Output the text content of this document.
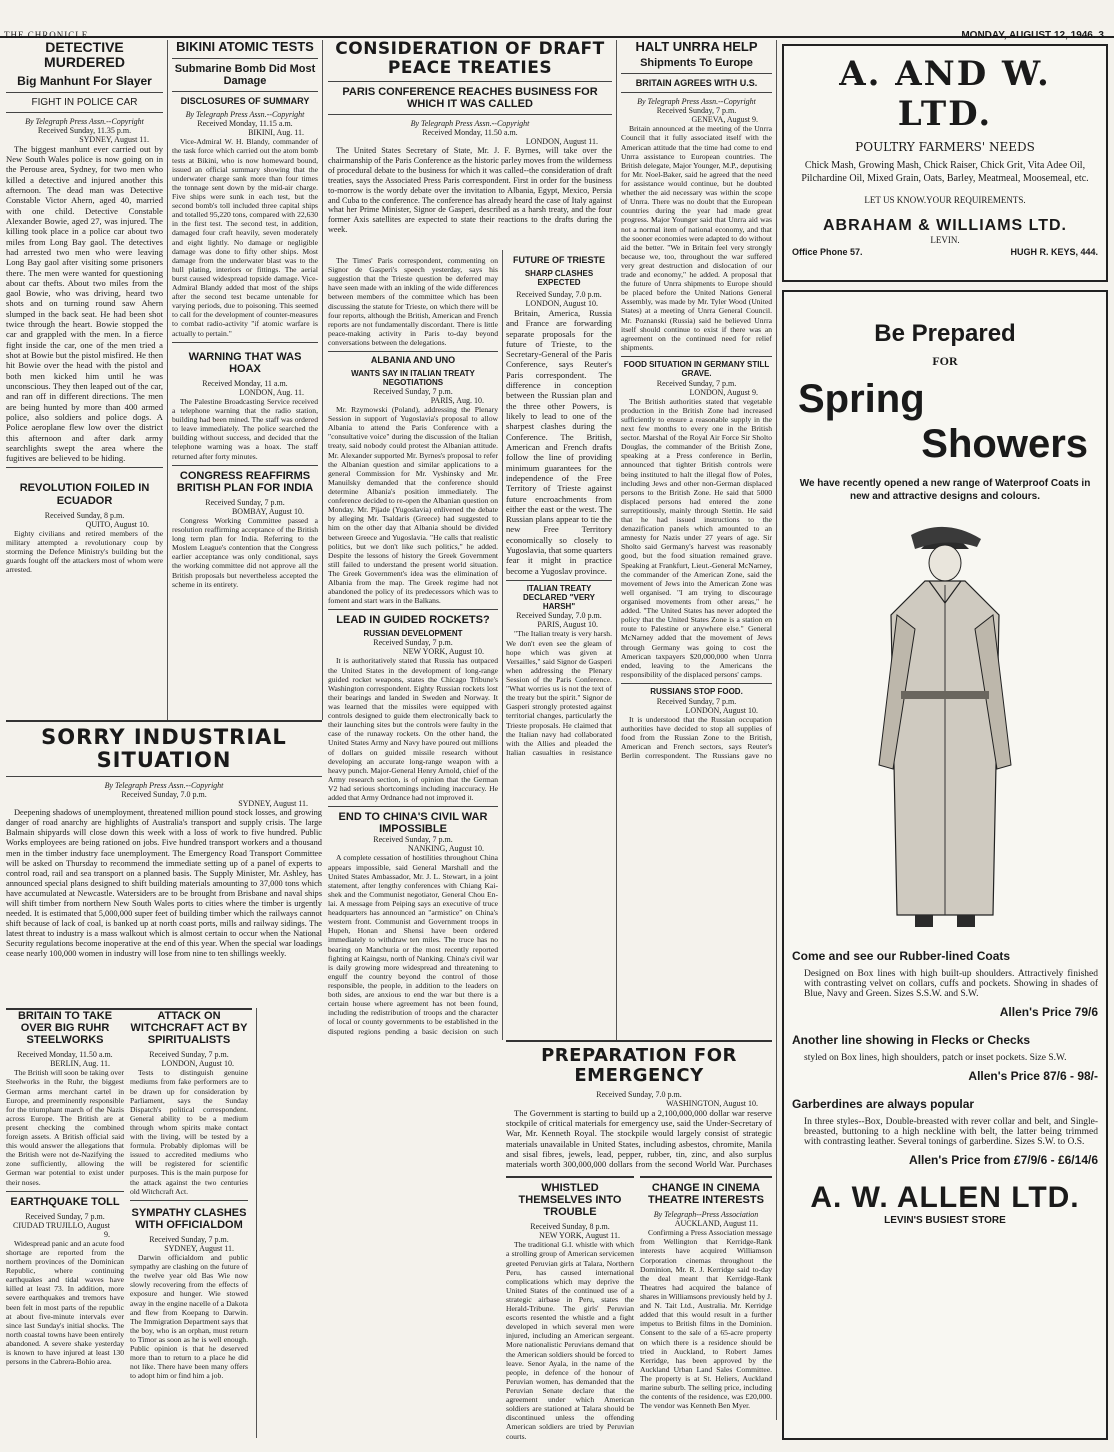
THE CHRONICLE	MONDAY, AUGUST 12, 1946. 3
DETECTIVE MURDERED
Big Manhunt For Slayer
FIGHT IN POLICE CAR
By Telegraph Press Assn.--Copyright
Received Sunday, 11.35 p.m.
SYDNEY, August 11.
The biggest manhunt ever carried out by New South Wales police is now going on in the Perouse area, Sydney, for two men who killed a detective and injured another this afternoon. The dead man was Detective Constable Victor Ahern, aged 40, married with one child. Detective Constable Alexander Bowie, aged 27, was injured. The killing took place in a police car about two miles from Long Bay gaol. The detectives had arrested two men who were leaving Long Bay gaol after visiting some prisoners there. The men were wanted for questioning about car thefts. About two miles from the gaol Bowie, who was driving, heard two shots and on turning round saw Ahern slumped in the back seat. He had been shot twice through the heart. Bowie stopped the car and grappled with the men. In a fierce fight inside the car, one of the men tried a shot at Bowie but the pistol misfired. He then hit Bowie over the head with the pistol and both men kicked him until he was unconscious. They then leaped out of the car, and ran off in different directions. The men are being hunted by more than 400 armed police, also soldiers and police dogs. A Police aeroplane flew low over the district this afternoon and after dark army searchlights swept the area where the fugitives are believed to be hiding.
REVOLUTION FOILED IN ECUADOR
Received Sunday, 8 p.m.
QUITO, August 10.
Eighty civilians and retired members of the military attempted a revolutionary coup by storming the Defence Ministry's building but the guards fought off the attackers most of whom were arrested.
BIKINI ATOMIC TESTS
Submarine Bomb Did Most Damage
DISCLOSURES OF SUMMARY
By Telegraph Press Assn.--Copyright
Received Monday, 11.15 a.m.
BIKINI, Aug. 11.
Vice-Admiral W. H. Blandy, commander of the task force which carried out the atom bomb tests at Bikini, who is now homeward bound, issued an official summary showing that the underwater charge sank more than four times the tonnage sent down by the mid-air charge. Five ships were sunk in each test, but the second bomb's toll included three capital ships and totalled 95,220 tons, compared with 22,630 in the first test. The second test, in addition, damaged four craft heavily, seven moderately and eight lightly. No damage or negligible damage was done to fifty other ships. Most damage from the underwater blast was to the hull plating, interiors or fittings. The aerial burst caused widespread topside damage. Vice-Admiral Blandy added that most of the ships after the second test became untenable for varying periods, due to poisoning. This seemed to call for the development of counter-measures to combat radio-activity "if atomic warfare is actually to pertain."
WARNING THAT WAS HOAX
Received Monday, 11 a.m.
LONDON, Aug. 11.
The Palestine Broadcasting Service received a telephone warning that the radio station, building had been mined. The staff was ordered to leave immediately. The police searched the building without success, and decided that the telephone warning was a hoax. The staff returned after forty minutes.
CONGRESS REAFFIRMS BRITISH PLAN FOR INDIA
Received Sunday, 7 p.m.
BOMBAY, August 10.
Congress Working Committee passed a resolution reaffirming acceptance of the British long term plan for India. Referring to the Moslem League's contention that the Congress earlier acceptance was only conditional, says the working committee did not approve all the British proposals but nevertheless accepted the scheme in its entirety.
CONSIDERATION OF DRAFT PEACE TREATIES
PARIS CONFERENCE REACHES BUSINESS FOR WHICH IT WAS CALLED
By Telegraph Press Assn.--Copyright
Received Monday, 11.50 a.m.
LONDON, August 11.
The United States Secretary of State, Mr. J. F. Byrnes, will take over the chairmanship of the Paris Conference as the historic parley moves from the wilderness of procedural debate to the business for which it was called--the consideration of draft treaties, says the Associated Press Paris correspondent. First in order for the business to-morrow is the wordy debate over the invitation to Albania, Egypt, Mexico, Persia and Cuba to the conference. The conference has already heard the case of Italy against what her Prime Minister, Signor de Gasperi, described as a harsh treaty, and the four former Axis satellites are expected to state their reactions to the drafts during the week.
The Times' Paris correspondent, commenting on Signor de Gasperi's speech yesterday, says his suggestion that the Trieste question be deferred may have seen made with an inkling of the wide differences between members of the committee which has been discussing the statute for Trieste, on which there will be four reports, although the British, American and French reports are not fundamentally discordant. There is little peace-making activity in Paris to-day beyond conversations between the delegations.
ALBANIA AND UNO
WANTS SAY IN ITALIAN TREATY NEGOTIATIONS
Received Sunday, 7 p.m.
PARIS, Aug. 10.
Mr. Rzymowski (Poland), addressing the Plenary Session in support of Yugoslavia's proposal to allow Albania to attend the Paris Conference with a "consultative voice" during the discussion of the Italian treaty, said nobody could protest the Albanian attitude. Mr. Alexander supported Mr. Byrnes's proposal to refer the Albanian question and similar applications to a general Commission for Mr. Vyshinsky and Mr. Manuilsky demanded that the conference should determine Albania's position immediately. The conference decided to re-open the Albanian question on Monday. Mr. Pijade (Yugoslavia) enlivened the debate by alleging Mr. Tsaldaris (Greece) had suggested to him on the other day that Albania should be divided between Greece and Yugoslavia. "He calls that realistic politics, but we don't like such politics," he added. Despite the lessons of history the Greek Government still failed to understand the present world situation. The Greek Government's idea was the elimination of Albania from the map. The Greek regime had not abandoned the policy of its predecessors which was to foment and start wars in the Balkans.
LEAD IN GUIDED ROCKETS?
RUSSIAN DEVELOPMENT
Received Sunday, 7 p.m.
NEW YORK, August 10.
It is authoritatively stated that Russia has outpaced the United States in the development of long-range guided rocket weapons, states the Chicago Tribune's Washington correspondent. Eighty Russian rockets lost their bearings and landed in Sweden and Norway. It was learned that the missiles were equipped with controls designed to guide them electronically back to their launching sites but the controls were faulty in the case of the runaway rockets. On the other hand, the United States Army and Navy have poured out millions of dollars on guided missile research without developing an accurate long-range weapon with a heavy punch. Major-General Henry Arnold, chief of the Army research section, is of opinion that the German V2 had serious shortcomings including inaccuracy. He added that Army Ordnance had not improved it.
END TO CHINA'S CIVIL WAR IMPOSSIBLE
Received Sunday, 7 p.m.
NANKING, August 10.
A complete cessation of hostilities throughout China appears impossible, said General Marshall and the United States Ambassador, Mr. J. L. Stewart, in a joint statement, after lengthy conferences with Chiang Kai-shek and the Communist negotiator, General Chou En-lai. A message from Peiping says an executive of truce headquarters has announced an "armistice" on China's western front. Communist and Government troops in Hupeh, Honan and Shensi have been ordered immediately to withdraw ten miles. The truce has no bearing on Manchuria or the most recently reported fighting at Kaingsu, north of Nanking. China's civil war is daily growing more widespread and threatening to engulf the country beyond the control of those responsible, the people, in addition to the leaders on both sides, are anxious to end the war but there is a certain house where agreement has not been found, including the redistribution of troops and the character of local or county governments to be established in the disputed regions pending a basic decision on such
FUTURE OF TRIESTE
SHARP CLASHES EXPECTED
Received Sunday, 7.0 p.m.
LONDON, August 10.
Britain, America, Russia and France are forwarding separate proposals for the future of Trieste, to the Secretary-General of the Paris Conference, says Reuter's Paris correspondent. The difference in conception between the Russian plan and the three other Powers, is likely to lead to one of the sharpest clashes during the Conference. The British, American and French drafts follow the line of providing minimum guarantees for the independence of the Free Territory of Trieste against future encroachments from either the east or the west. The Russian plans appear to tie the new Free Territory economically so closely to Yugoslavia, that some quarters fear it might in practice become a Yugoslav province.
ITALIAN TREATY DECLARED "VERY HARSH"
Received Sunday, 7.0 p.m.
PARIS, August 10.
"The Italian treaty is very harsh. We don't even see the gleam of hope which was given at Versailles," said Signor de Gasperi when addressing the Plenary Session of the Paris Conference. "What worries us is not the text of the treaty but the spirit." Signor de Gasperi strongly protested against territorial changes, particularly the Trieste proposals. He claimed that the Italian navy had collaborated with the Allies and pleaded the Italian casualties in resistance
HALT UNRRA HELP
Shipments To Europe
BRITAIN AGREES WITH U.S.
By Telegraph Press Assn.--Copyright
Received Sunday, 7 p.m.
GENEVA, August 9.
Britain announced at the meeting of the Unrra Council that it fully associated itself with the American attitude that the time had come to end Unrra assistance to European countries. The British delegate, Major Younger, M.P., deputising for Mr. Noel-Baker, said he agreed that the need for assistance would continue, but he doubted whether the aid necessary was within the scope of Unrra. There was no doubt that the European countries during the year had made great progress. Major Younger said that Unrra aid was not a normal item of national economy, and that the sooner economies were adapted to do without aid the better. "We in Britain feel very strongly because we, too, throughout the war suffered very great destruction and dislocation of our trade and economy," he added. A proposal that the future of Unrra shipments to Europe should be placed before the United Nations General Assembly, was made by Mr. Tyler Wood (United States) at a meeting of Unrra General Council. Mr. Poznanski (Russia) said he believed Unrra itself should continue to exist if there was an agreement on the continued need for relief shipments.
FOOD SITUATION IN GERMANY STILL GRAVE.
Received Sunday, 7 p.m.
LONDON, August 9.
The British authorities stated that vegetable production in the British Zone had increased sufficiently to ensure a reasonable supply in the next few months to every one in the British sector. Marshal of the Royal Air Force Sir Sholto Douglas, the commander of the British Zone, speaking at a Press conference in Berlin, announced that tighter British controls were being instituted to halt the illegal flow of Poles, including Jews and other non-German displaced persons to the British Zone. He said that 5000 displaced persons had entered the zone surreptitiously, mainly through Stettin. He said that he had issued instructions to the denazification panels which amounted to an amnesty for Nazis under 27 years of age. Sir Sholto said Germany's harvest was reasonably good, but the food situation remained grave. Speaking at Frankfurt, Lieut.-General McNarney, the commander of the American Zone, said the movement of Jews into the American Zone was well organised. "I am trying to discourage organised movements from other areas," he added. "The United States has never adopted the policy that the United States Zone is a station en route to Palestine or anywhere else." General McNarney added that the movement of Jews through Germany was going to cost the American taxpayers $20,000,000 when Unrra ended, leaving to the Americans the responsibility of the displaced persons' camps.
RUSSIANS STOP FOOD.
Received Sunday, 7 p.m.
LONDON, August 10.
It is understood that the Russian occupation authorities have decided to stop all supplies of food from the Russian Zone to the British, American and French sectors, says Reuter's Berlin correspondent. The Russians gave no
SORRY INDUSTRIAL SITUATION
By Telegraph Press Assn.--Copyright
Received Sunday, 7.0 p.m.
SYDNEY, August 11.
Deepening shadows of unemployment, threatened million pound stock losses, and growing danger of road anarchy are highlights of Australia's transport and supply crisis. The large Balmain shipyards will close down this week with a loss of work to five hundred. Public Works employees are being rationed on jobs. Five hundred transport workers and a thousand men in the timber industry face unemployment. The Emergency Road Transport Committee will be asked on Thursday to recommend the immediate setting up of a panel of experts to control road, rail and sea transport on a planned basis. The Supply Minister, Mr. Ashley, has announced special plans designed to shift building materials amounting to 37,000 tons which have accumulated at Newcastle. Watersiders are to be brought from Brisbane and naval ships will shift timber from northern New South Wales ports to cities where the timber is urgently needed. It is estimated that 5,000,000 super feet of building timber which the railways cannot shift because of lack of coal, is banked up at north coast ports, mills and railway sidings. The latest threat to industry is a mass walkout which is almost certain to occur when the National Security regulations become inoperative at the end of this year. When the special war loadings cease nearly 100,000 women in industry will lose from nine to ten shillings weekly.
BRITAIN TO TAKE OVER BIG RUHR STEELWORKS
Received Monday, 11.50 a.m.
BERLIN, Aug. 11.
The British will soon be taking over Steelworks in the Ruhr, the biggest German arms merchant cartel in Europe, and preeminently responsible for the triumphant march of the Nazis across Europe. The British are at present checking the combined foreign assets. A British official said this would answer the allegations that the British were not de-Nazifying the zone sufficiently, allowing the German war potential to exist under their noses.
EARTHQUAKE TOLL
Received Sunday, 7 p.m.
CIUDAD TRUJILLO, August 9.
Widespread panic and an acute food shortage are reported from the northern provinces of the Dominican Republic, where continuing earthquakes and tidal waves have killed at least 73. In addition, more severe earthquakes and tremors have been felt in most parts of the republic at about five-minute intervals ever since last Sunday's initial shocks. The north coastal towns have been entirely abandoned. A severe shake yesterday is known to have injured at least 130 persons in the Cabrera-Bohio area.
ATTACK ON WITCHCRAFT ACT BY SPIRITUALISTS
Received Sunday, 7 p.m.
LONDON, August 10.
Tests to distinguish genuine mediums from fake performers are to be drawn up for consideration by Parliament, says the Sunday Dispatch's political correspondent. General ability to be a medium through whom spirits make contact with the living, will be tested by a formula. Probably diplomas will be issued to accredited mediums who will be registered for scientific purposes. This is the main purpose for the attack against the two centuries old Witchcraft Act.
SYMPATHY CLASHES WITH OFFICIALDOM
Received Sunday, 7 p.m.
SYDNEY, August 11.
Darwin officialdom and public sympathy are clashing on the future of the twelve year old Bas Wie now slowly recovering from the effects of exposure and hunger. Wie stowed away in the engine nacelle of a Dakota and flew from Koepang to Darwin. The Immigration Department says that the boy, who is an orphan, must return to Timor as soon as he is well enough. Public opinion is that he deserved more than to return to a place he did not like. There have been many offers to adopt him or find him a job.
PREPARATION FOR EMERGENCY
Received Sunday, 7.0 p.m.
WASHINGTON, August 10.
The Government is starting to build up a 2,100,000,000 dollar war reserve stockpile of critical materials for emergency use, said the Under-Secretary of War, Mr. Kenneth Royal. The stockpile would largely consist of strategic materials unavailable in United States, including asbestos, chromite, Manila and sisal fibres, jewels, lead, pepper, rubber, tin, zinc, and also surplus materials worth 300,000,000 dollars from the second World War. Purchases
WHISTLED THEMSELVES INTO TROUBLE
Received Sunday, 8 p.m.
NEW YORK, August 11.
The traditional G.I. whistle with which a strolling group of American servicemen greeted Peruvian girls at Talara, Northern Peru, has caused international complications which may deprive the United States of the continued use of a strategic airbase in Peru, states the Herald-Tribune. The girls' Peruvian escorts resented the whistle and a fight developed in which several men were injured, including an American sergeant. More nationalistic Peruvians demand that the American soldiers should be forced to leave. Senor Ayala, in the name of the people, in defence of the honour of Peruvian women, has demanded that the Peruvian Senate declare that the agreement under which American soldiers are stationed at Talara should be discontinued unless the offending American soldiers are tried by Peruvian courts.
CHANGE IN CINEMA THEATRE INTERESTS
By Telegraph--Press Association
AUCKLAND, August 11.
Confirming a Press Association message from Wellington that Kerridge-Rank interests have acquired Williamson Corporation cinemas throughout the Dominion, Mr. R. J. Kerridge said to-day the deal meant that Kerridge-Rank Theatres had acquired the balance of shares in Williamsons previously held by J. and N. Tait Ltd., Australia. Mr. Kerridge added that this would result in a further impetus to British films in the Dominion. Consent to the sale of a 65-acre property on which there is a residence should be tried in Auckland, to Robert James Kerridge, has been approved by the Auckland Urban Land Sales Committee. The property is at St. Heliers, Auckland marine suburb. The selling price, including the contents of the residence, was £20,000. The vendor was Kenneth Ben Myer.
A. AND W. LTD.
POULTRY FARMERS' NEEDS
Chick Mash, Growing Mash, Chick Raiser, Chick Grit, Vita Adee Oil, Pilchardine Oil, Mixed Grain, Oats, Barley, Meatmeal, Moosemeal, etc.
LET US KNOW.YOUR REQUIREMENTS.
ABRAHAM & WILLIAMS LTD.
LEVIN.
Office Phone 57.	HUGH R. KEYS, 444.
Be Prepared
FOR
Spring
Showers
We have recently opened a new range of Waterproof Coats in new and attractive designs and colours.
Come and see our Rubber-lined Coats
Designed on Box lines with high built-up shoulders. Attractively finished with contrasting velvet on collars, cuffs and pockets. Showing in shades of Blue, Navy and Green. Sizes S.S.W. and S.W.
Allen's Price 79/6
Another line showing in Flecks or Checks
styled on Box lines, high shoulders, patch or inset pockets. Size S.W.
Allen's Price 87/6 - 98/-
Garberdines are always popular
In three styles--Box, Double-breasted with rever collar and belt, and Single-breasted, buttoning to a high neckline with belt, the latter being trimmed with contrasting leather. Several tonings of garberdine. Sizes S.W. to O.S.
Allen's Price from £7/9/6 - £6/14/6
A. W. ALLEN LTD.
LEVIN'S BUSIEST STORE
